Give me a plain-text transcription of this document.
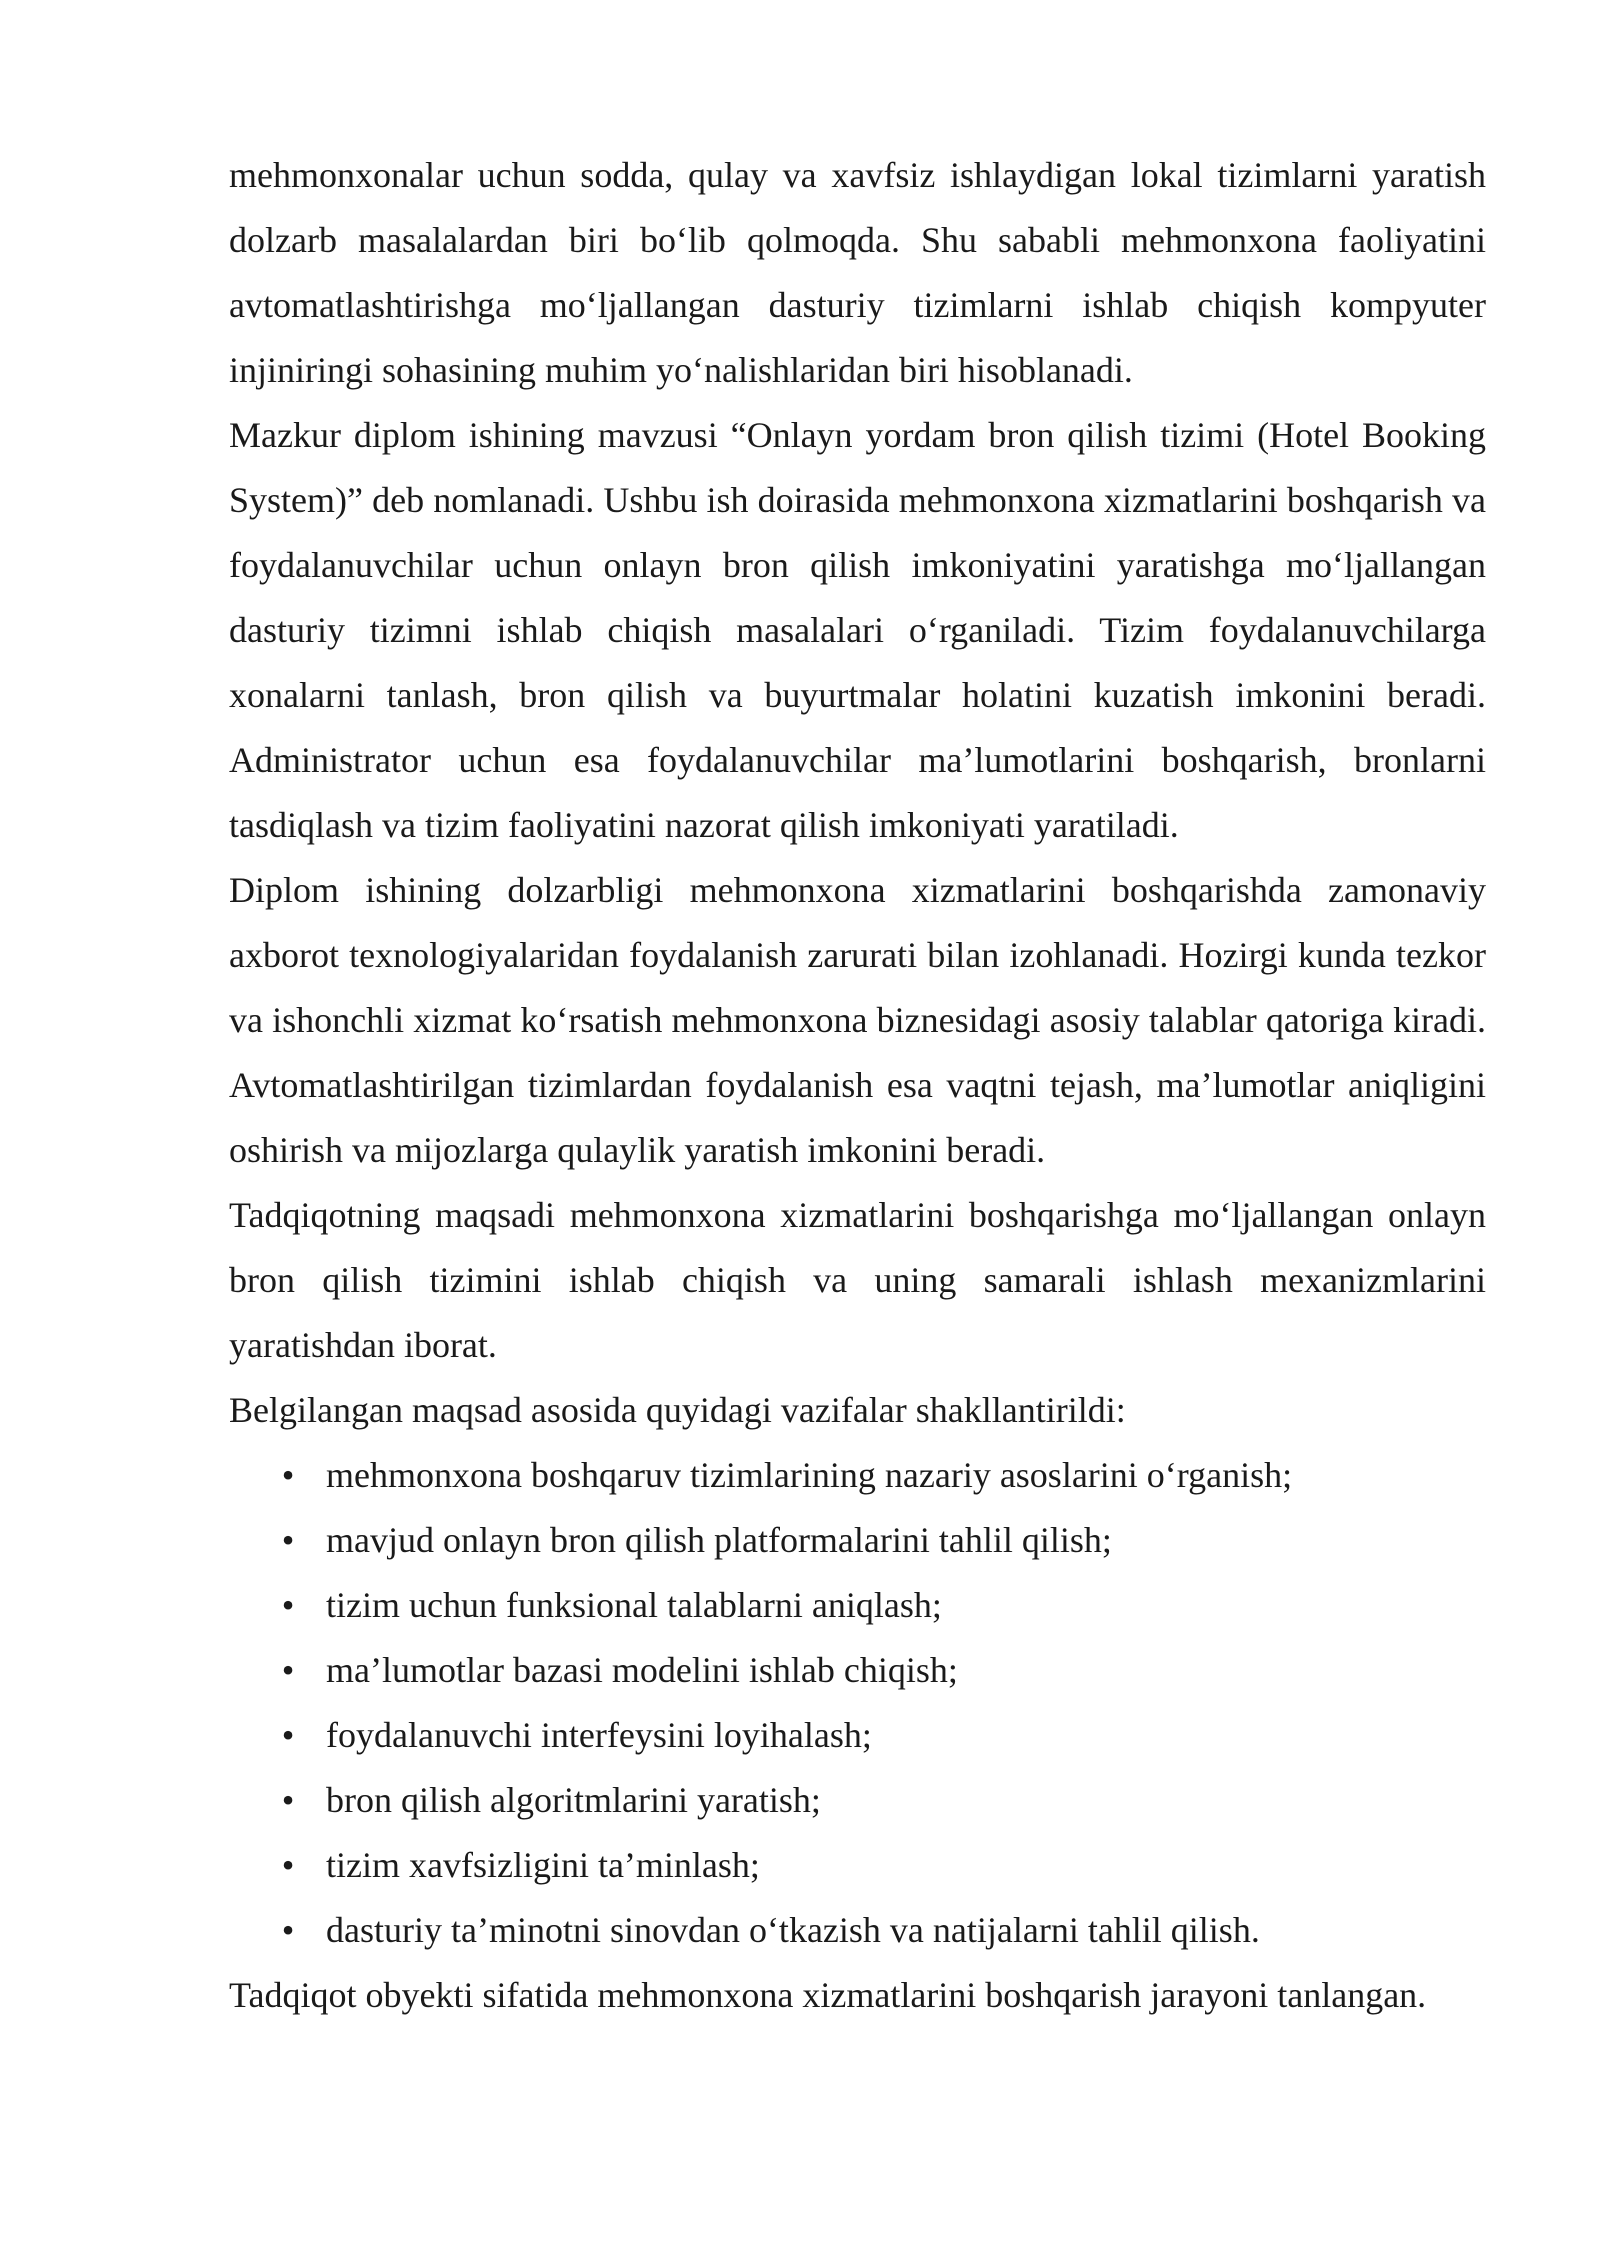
mehmonxonalar uchun sodda, qulay va xavfsiz ishlaydigan lokal tizimlarni yaratish dolzarb masalalardan biri bo‘lib qolmoqda. Shu sababli mehmonxona faoliyatini avtomatlashtirishga mo‘ljallangan dasturiy tizimlarni ishlab chiqish kompyuter injiniringi sohasining muhim yo‘nalishlaridan biri hisoblanadi.

Mazkur diplom ishining mavzusi “Onlayn yordam bron qilish tizimi (Hotel Booking System)” deb nomlanadi. Ushbu ish doirasida mehmonxona xizmatlarini boshqarish va foydalanuvchilar uchun onlayn bron qilish imkoniyatini yaratishga mo‘ljallangan dasturiy tizimni ishlab chiqish masalalari o‘rganiladi. Tizim foydalanuvchilarga xonalarni tanlash, bron qilish va buyurtmalar holatini kuzatish imkonini beradi. Administrator uchun esa foydalanuvchilar ma’lumotlarini boshqarish, bronlarni tasdiqlash va tizim faoliyatini nazorat qilish imkoniyati yaratiladi.

Diplom ishining dolzarbligi mehmonxona xizmatlarini boshqarishda zamonaviy axborot texnologiyalaridan foydalanish zarurati bilan izohlanadi. Hozirgi kunda tezkor va ishonchli xizmat ko‘rsatish mehmonxona biznesidagi asosiy talablar qatoriga kiradi. Avtomatlashtirilgan tizimlardan foydalanish esa vaqtni tejash, ma’lumotlar aniqligini oshirish va mijozlarga qulaylik yaratish imkonini beradi.

Tadqiqotning maqsadi mehmonxona xizmatlarini boshqarishga mo‘ljallangan onlayn bron qilish tizimini ishlab chiqish va uning samarali ishlash mexanizmlarini yaratishdan iborat.

Belgilangan maqsad asosida quyidagi vazifalar shakllantirildi:

• mehmonxona boshqaruv tizimlarining nazariy asoslarini o‘rganish;
• mavjud onlayn bron qilish platformalarini tahlil qilish;
• tizim uchun funksional talablarni aniqlash;
• ma’lumotlar bazasi modelini ishlab chiqish;
• foydalanuvchi interfeysini loyihalash;
• bron qilish algoritmlarini yaratish;
• tizim xavfsizligini ta’minlash;
• dasturiy ta’minotni sinovdan o‘tkazish va natijalarni tahlil qilish.

Tadqiqot obyekti sifatida mehmonxona xizmatlarini boshqarish jarayoni tanlangan.
